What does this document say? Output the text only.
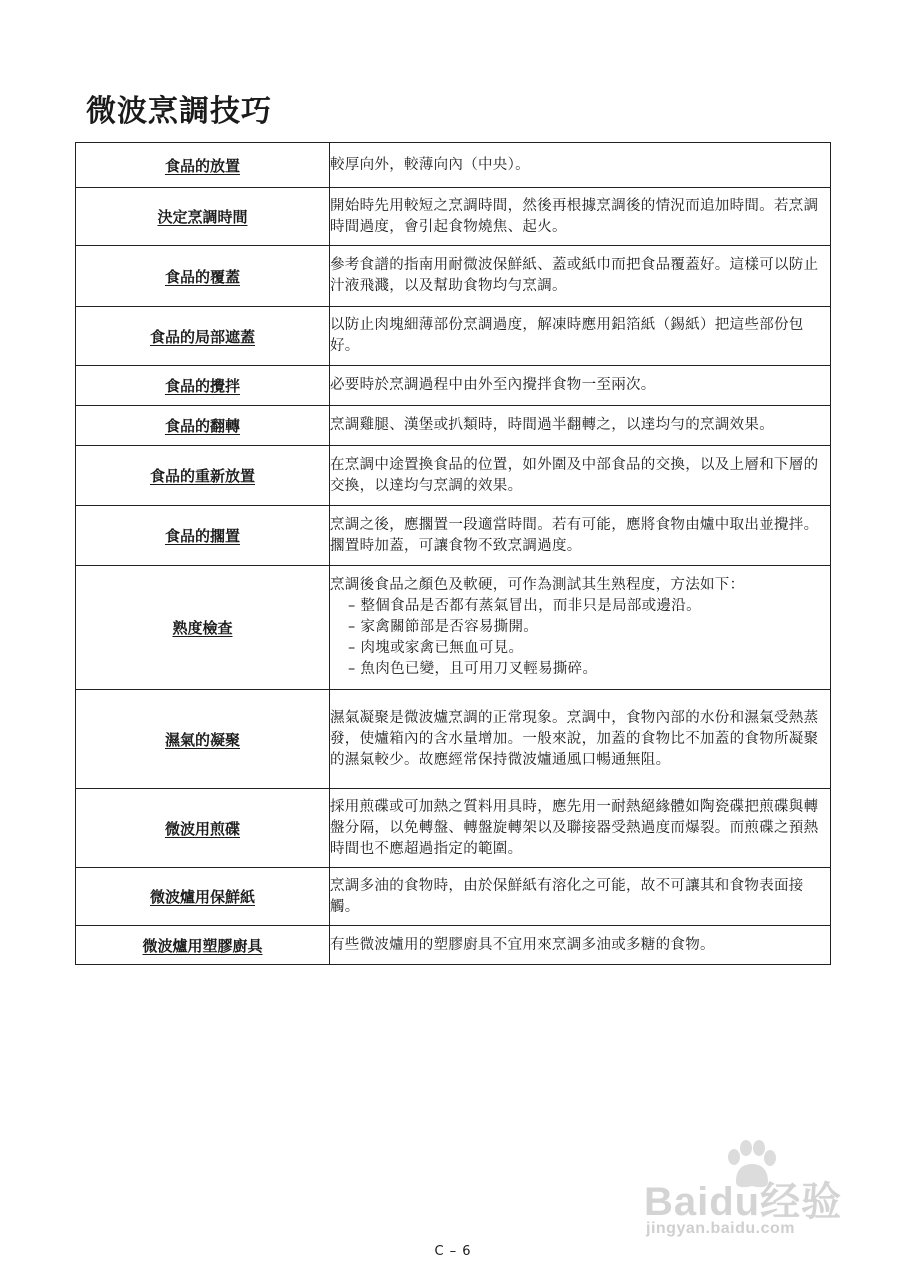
微波烹調技巧
食品的放置	較厚向外，較薄向內（中央）。
決定烹調時間	開始時先用較短之烹調時間，然後再根據烹調後的情況而追加時間。若烹調時間過度，會引起食物燒焦、起火。
食品的覆蓋	參考食譜的指南用耐微波保鮮紙、蓋或紙巾而把食品覆蓋好。這樣可以防止汁液飛濺，以及幫助食物均勻烹調。
食品的局部遮蓋	以防止肉塊細薄部份烹調過度，解凍時應用鋁箔紙（錫紙）把這些部份包好。
食品的攪拌	必要時於烹調過程中由外至內攪拌食物一至兩次。
食品的翻轉	烹調雞腿、漢堡或扒類時，時間過半翻轉之，以達均勻的烹調效果。
食品的重新放置	在烹調中途置換食品的位置，如外圍及中部食品的交換，以及上層和下層的交換，以達均勻烹調的效果。
食品的擱置	烹調之後，應擱置一段適當時間。若有可能，應將食物由爐中取出並攪拌。擱置時加蓋，可讓食物不致烹調過度。
熟度檢查	烹調後食品之顏色及軟硬，可作為測試其生熟程度，方法如下：
– 整個食品是否都有蒸氣冒出，而非只是局部或邊沿。
– 家禽關節部是否容易撕開。
– 肉塊或家禽已無血可見。
– 魚肉色已變，且可用刀叉輕易撕碎。

濕氣的凝聚	濕氣凝聚是微波爐烹調的正常現象。烹調中，食物內部的水份和濕氣受熱蒸發，使爐箱內的含水量增加。一般來說，加蓋的食物比不加蓋的食物所凝聚的濕氣較少。故應經常保持微波爐通風口暢通無阻。
微波用煎碟	採用煎碟或可加熱之質料用具時，應先用一耐熱絕緣體如陶瓷碟把煎碟與轉盤分隔，以免轉盤、轉盤旋轉架以及聯接器受熱過度而爆裂。而煎碟之預熱時間也不應超過指定的範圍。
微波爐用保鮮紙	烹調多油的食物時，由於保鮮紙有溶化之可能，故不可讓其和食物表面接觸。
微波爐用塑膠廚具	有些微波爐用的塑膠廚具不宜用來烹調多油或多糖的食物。
Baidu经验
jingyan.baidu.com
C – 6
